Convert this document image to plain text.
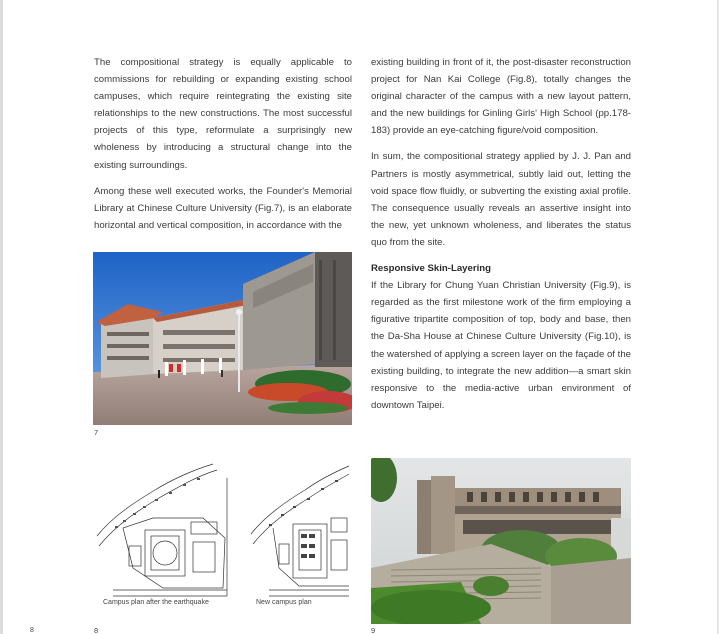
The compositional strategy is equally applicable to commissions for rebuilding or expanding existing school campuses, which require reintegrating the existing site relationships to the new constructions. The most successful projects of this type, reformulate a surprisingly new wholeness by introducing a structural change into the existing surroundings.

Among these well executed works, the Founder's Memorial Library at Chinese Culture University (Fig.7), is an elaborate horizontal and vertical composition, in accordance with the

existing building in front of it, the post-disaster reconstruction project for Nan Kai College (Fig.8), totally changes the original character of the campus with a new layout pattern, and the new buildings for Ginling Girls' High School (pp.178-183) provide an eye-catching figure/void composition.

In sum, the compositional strategy applied by J. J. Pan and Partners is mostly asymmetrical, subtly laid out, letting the void space flow fluidly, or subverting the existing axial profile. The consequence usually reveals an assertive insight into the new, yet unknown wholeness, and liberates the status quo from the site.

Responsive Skin-Layering

If the Library for Chung Yuan Christian University (Fig.9), is regarded as the first milestone work of the firm employing a figurative tripartite composition of top, body and base, then the Da-Sha House at Chinese Culture University (Fig.10), is the watershed of applying a screen layer on the façade of the existing building, to integrate the new addition—a smart skin responsive to the media-active urban environment of downtown Taipei.

7
Campus plan after the earthquake	New campus plan
8	9
8
